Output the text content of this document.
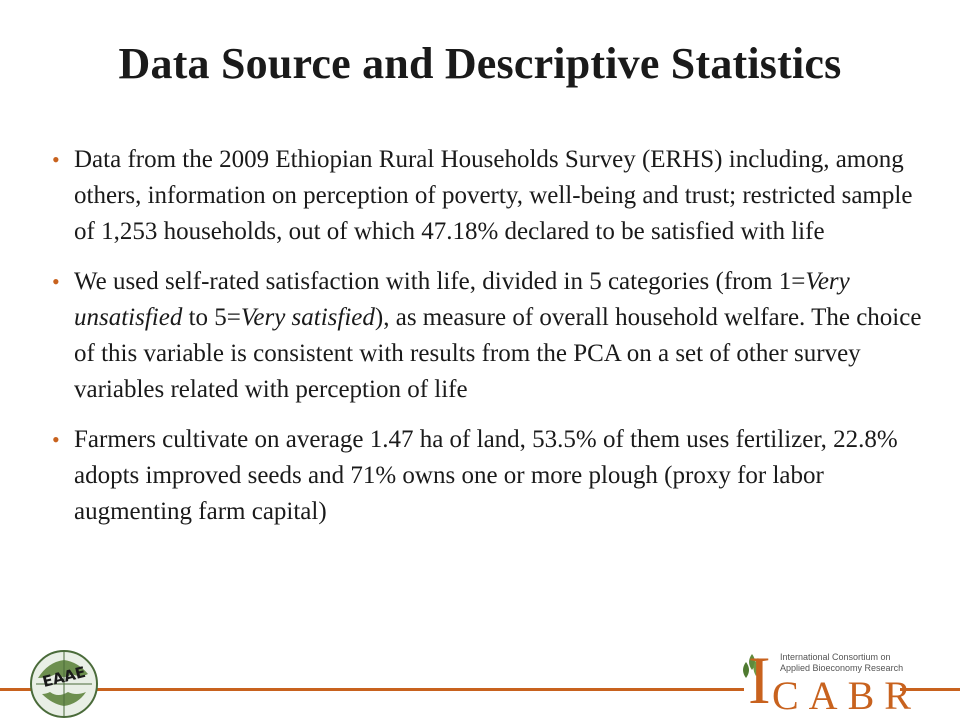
Data Source and Descriptive Statistics
• Data from the 2009 Ethiopian Rural Households Survey (ERHS) including, among others, information on perception of poverty, well-being and trust; restricted sample of 1,253 households, out of which 47.18% declared to be satisfied with life
• We used self-rated satisfaction with life, divided in 5 categories (from 1=Very unsatisfied to 5=Very satisfied), as measure of overall household welfare. The choice of this variable is consistent with results from the PCA on a set of other survey variables related with perception of life
• Farmers cultivate on average 1.47 ha of land, 53.5% of them uses fertilizer, 22.8% adopts improved seeds and 71% owns one or more plough (proxy for labor augmenting farm capital)
EAAE	I International Consortium on Applied Bioeconomy Research
CABR
